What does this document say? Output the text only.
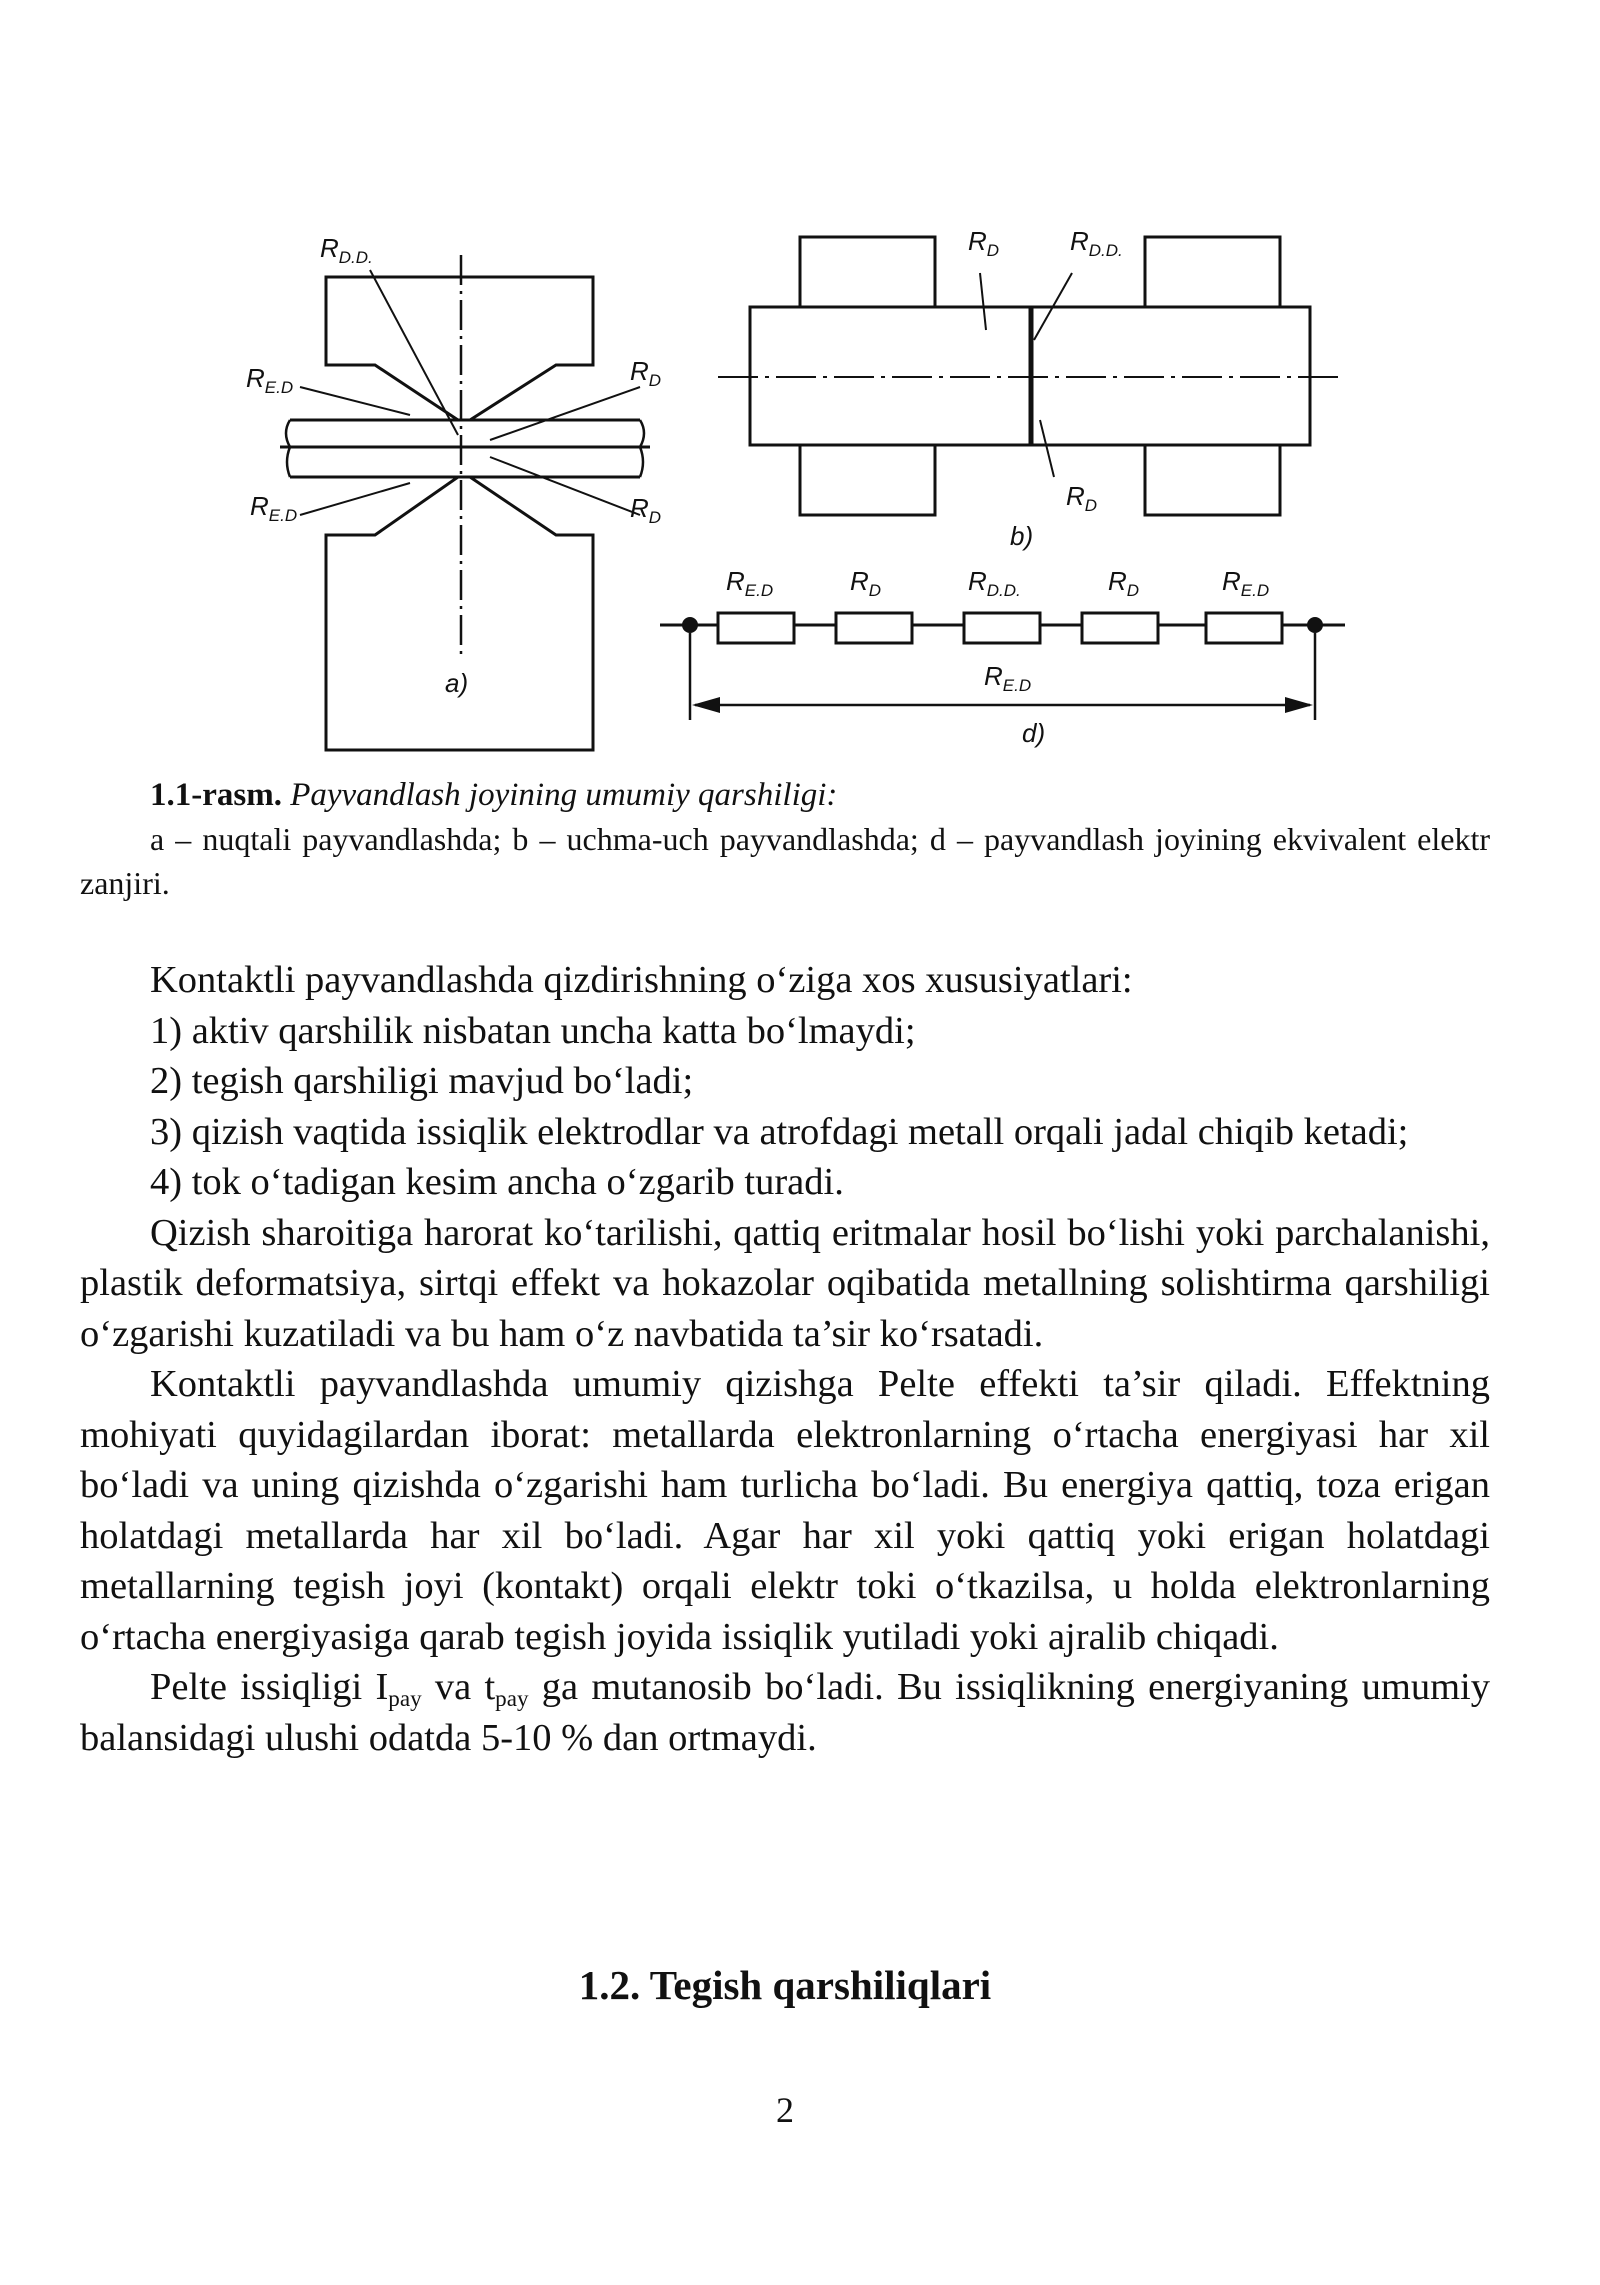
RD.D.
RE.D
RD
RE.D	RD
a)
RD	RD.D.
RD
b)
RE.D	RD	RD.D.	RD	RE.D
RE.D
d)
1.1-rasm. Payvandlash joyining umumiy qarshiligi:
a – nuqtali payvandlashda; b – uchma-uch payvandlashda; d – payvandlash joyining ekvivalent elektr zanjiri.

Kontaktli payvandlashda qizdirishning o‘ziga xos xususiyatlari:

1) aktiv qarshilik nisbatan uncha katta bo‘lmaydi;

2) tegish qarshiligi mavjud bo‘ladi;

3) qizish vaqtida issiqlik elektrodlar va atrofdagi metall orqali jadal chiqib ketadi;

4) tok o‘tadigan kesim ancha o‘zgarib turadi.

Qizish sharoitiga harorat ko‘tarilishi, qattiq eritmalar hosil bo‘lishi yoki parchalanishi, plastik deformatsiya, sirtqi effekt va hokazolar oqibatida metallning solishtirma qarshiligi o‘zgarishi kuzatiladi va bu ham o‘z navbatida ta’sir ko‘rsatadi.

Kontaktli payvandlashda umumiy qizishga Pelte effekti ta’sir qiladi. Effektning mohiyati quyidagilardan iborat: metallarda elektronlarning o‘rtacha energiyasi har xil bo‘ladi va uning qizishda o‘zgarishi ham turlicha bo‘ladi. Bu energiya qattiq, toza erigan holatdagi metallarda har xil bo‘ladi. Agar har xil yoki qattiq yoki erigan holatdagi metallarning tegish joyi (kontakt) orqali elektr toki o‘tkazilsa, u holda elektronlarning o‘rtacha energiyasiga qarab tegish joyida issiqlik yutiladi yoki ajralib chiqadi.

Pelte issiqligi $I_{pay}$ va $t_{pay}$ ga mutanosib bo‘ladi. Bu issiqlikning energiyaning umumiy balansidagi ulushi odatda 5-10 % dan ortmaydi.

1.2. Tegish qarshiliqlari
2
